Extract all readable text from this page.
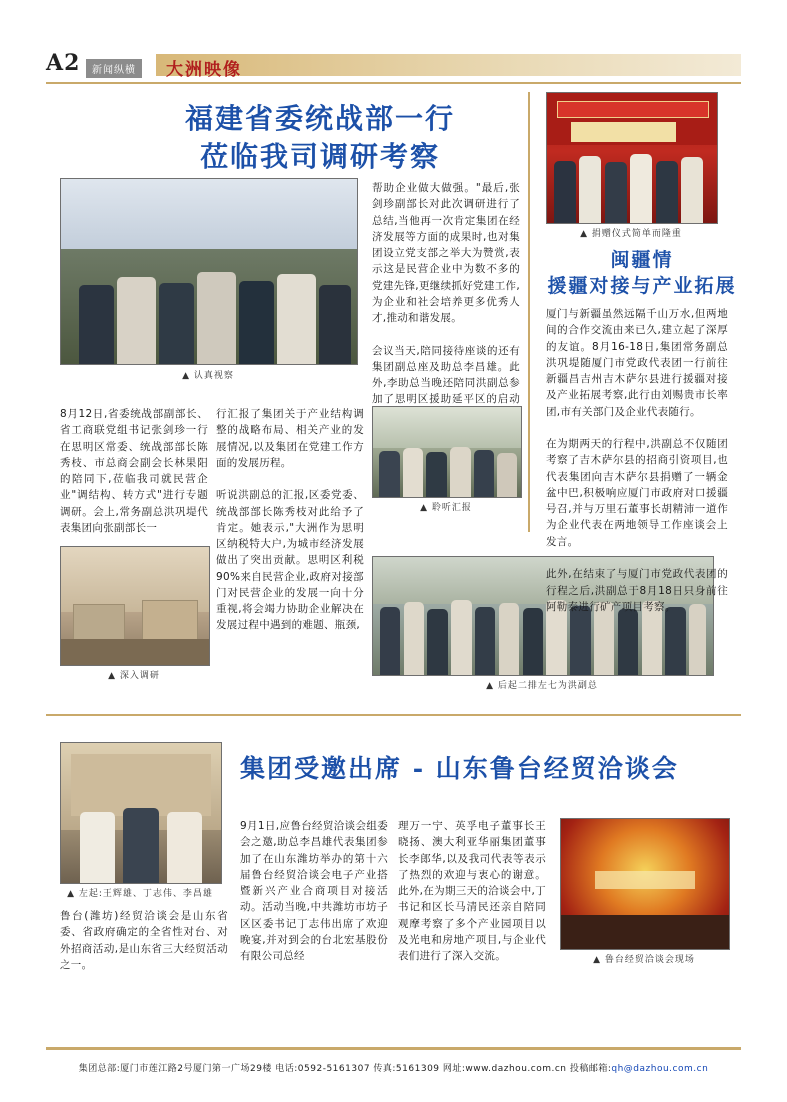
A2	新闻纵横	大洲映像
福建省委统战部一行
莅临我司调研考察
▲ 认真视察
帮助企业做大做强。"最后,张剑珍副部长对此次调研进行了总结,当他再一次肯定集团在经济发展等方面的成果时,也对集团设立党支部之举大为赞赏,表示这是民营企业中为数不多的党建先锋,更继续抓好党建工作,为企业和社会培养更多优秀人才,推动和谐发展。

会议当天,陪同接待座谈的还有集团副总座及助总李昌雄。此外,李助总当晚还陪同洪副总参加了思明区援助延平区的启动
8月12日,省委统战部副部长、省工商联党组书记张剑珍一行在思明区常委、统战部部长陈秀枝、市总商会副会长林果阳的陪同下,莅临我司就民营企业"调结构、转方式"进行专题调研。会上,常务副总洪巩堤代表集团向张副部长一
行汇报了集团关于产业结构调整的战略布局、相关产业的发展情况,以及集团在党建工作方面的发展历程。

听说洪副总的汇报,区委党委、统战部部长陈秀枝对此给予了肯定。她表示,"大洲作为思明区纳税特大户,为城市经济发展做出了突出贡献。思明区利税90%来自民营企业,政府对接部门对民营企业的发展一向十分重视,将会竭力协助企业解决在发展过程中遇到的难题、瓶颈,
▲ 聆听汇报
▲ 深入调研
▲ 后起二排左七为洪副总
▲ 捐赠仪式简单而隆重
闽疆情
援疆对接与产业拓展
厦门与新疆虽然远隔千山万水,但两地间的合作交流由来已久,建立起了深厚的友谊。8月16-18日,集团常务副总洪巩堤随厦门市党政代表团一行前往新疆昌吉州吉木萨尔县进行援疆对接及产业拓展考察,此行由刘赐贵市长率团,市有关部门及企业代表随行。

在为期两天的行程中,洪副总不仅随团考察了吉木萨尔县的招商引资项目,也代表集团向吉木萨尔县捐赠了一辆金盆中巴,积极响应厦门市政府对口援疆号召,并与万里石董事长胡精沛一道作为企业代表在两地领导工作座谈会上发言。

此外,在结束了与厦门市党政代表团的行程之后,洪副总于8月18日只身前往阿勒泰进行矿产项目考察。
▲ 左起:王辉雄、丁志伟、李昌雄
集团受邀出席 - 山东鲁台经贸洽谈会
鲁台(潍坊)经贸洽谈会是山东省委、省政府确定的全省性对台、对外招商活动,是山东省三大经贸活动之一。
9月1日,应鲁台经贸洽谈会组委会之邀,助总李昌雄代表集团参加了在山东潍坊举办的第十六届鲁台经贸洽谈会电子产业搭暨新兴产业合商项目对接活动。活动当晚,中共潍坊市坊子区区委书记丁志伟出席了欢迎晚宴,并对到会的台北宏基股份有限公司总经
理万一宁、英孚电子董事长王晓扬、澳大利亚华丽集团董事长李郎华,以及我司代表等表示了热烈的欢迎与衷心的谢意。此外,在为期三天的洽谈会中,丁书记和区长马清民还亲自陪同观摩考察了多个产业园项目以及光电和房地产项目,与企业代表们进行了深入交流。	▲ 鲁台经贸洽谈会现场
集团总部:厦门市莲江路2号厦门第一广场29楼 电话:0592-5161307 传真:5161309 网址:www.dazhou.com.cn 投稿邮箱:qh@dazhou.com.cn
